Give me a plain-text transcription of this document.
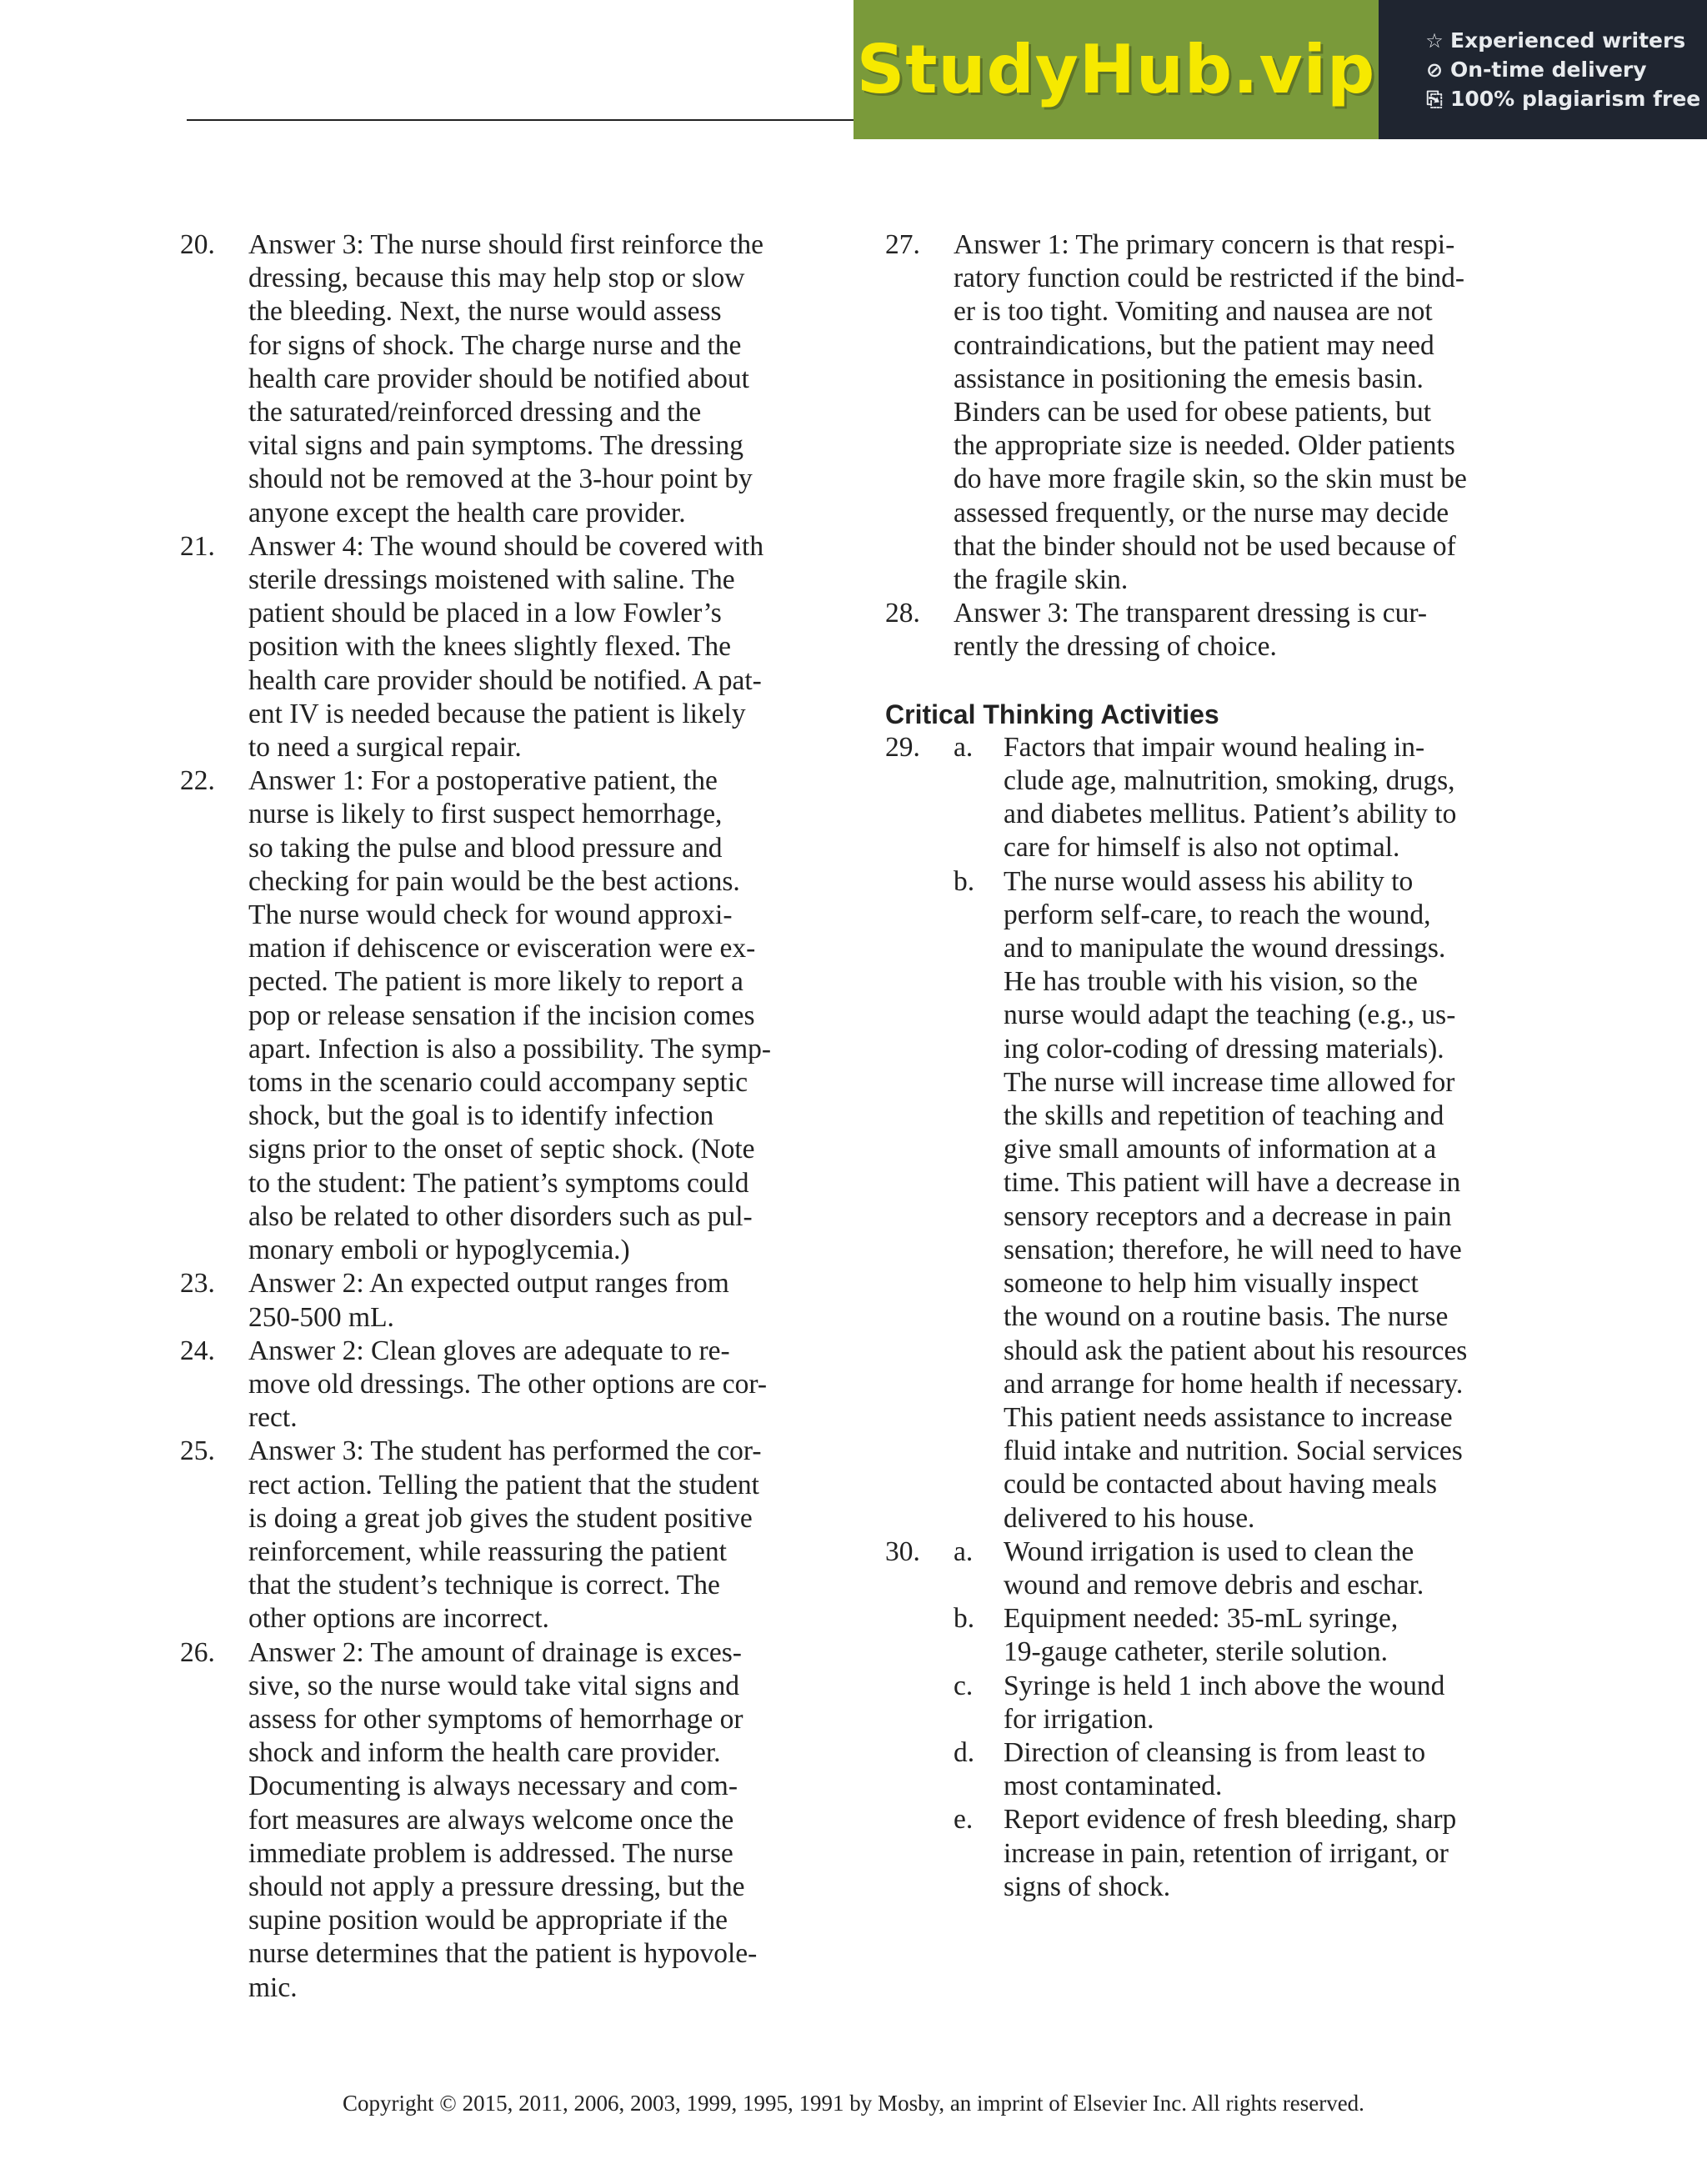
StudyHub.vip ☆ Experienced writers
⊘ On-time delivery
⎘ 100% plagiarism free
20.	Answer 3: The nurse should first reinforce the
dressing, because this may help stop or slow
the bleeding. Next, the nurse would assess
for signs of shock. The charge nurse and the
health care provider should be notified about
the saturated/reinforced dressing and the
vital signs and pain symptoms. The dressing
should not be removed at the 3-hour point by
anyone except the health care provider.
21.	Answer 4: The wound should be covered with
sterile dressings moistened with saline. The
patient should be placed in a low Fowler’s
position with the knees slightly flexed. The
health care provider should be notified. A pat-
ent IV is needed because the patient is likely
to need a surgical repair.
22.	Answer 1: For a postoperative patient, the
nurse is likely to first suspect hemorrhage,
so taking the pulse and blood pressure and
checking for pain would be the best actions.
The nurse would check for wound approxi-
mation if dehiscence or evisceration were ex-
pected. The patient is more likely to report a
pop or release sensation if the incision comes
apart. Infection is also a possibility. The symp-
toms in the scenario could accompany septic
shock, but the goal is to identify infection
signs prior to the onset of septic shock. (Note
to the student: The patient’s symptoms could
also be related to other disorders such as pul-
monary emboli or hypoglycemia.)
23.	Answer 2: An expected output ranges from
250-500 mL.
24.	Answer 2: Clean gloves are adequate to re-
move old dressings. The other options are cor-
rect.
25.	Answer 3: The student has performed the cor-
rect action. Telling the patient that the student
is doing a great job gives the student positive
reinforcement, while reassuring the patient
that the student’s technique is correct. The
other options are incorrect.
26.	Answer 2: The amount of drainage is exces-
sive, so the nurse would take vital signs and
assess for other symptoms of hemorrhage or
shock and inform the health care provider.
Documenting is always necessary and com-
fort measures are always welcome once the
immediate problem is addressed. The nurse
should not apply a pressure dressing, but the
supine position would be appropriate if the
nurse determines that the patient is hypovole-
mic.
27.	Answer 1: The primary concern is that respi-
ratory function could be restricted if the bind-
er is too tight. Vomiting and nausea are not
contraindications, but the patient may need
assistance in positioning the emesis basin.
Binders can be used for obese patients, but
the appropriate size is needed. Older patients
do have more fragile skin, so the skin must be
assessed frequently, or the nurse may decide
that the binder should not be used because of
the fragile skin.
28.	Answer 3: The transparent dressing is cur-
rently the dressing of choice.
Critical Thinking Activities
29.	a.	Factors that impair wound healing in-
clude age, malnutrition, smoking, drugs,
and diabetes mellitus. Patient’s ability to
care for himself is also not optimal.
b.	The nurse would assess his ability to
perform self-care, to reach the wound,
and to manipulate the wound dressings.
He has trouble with his vision, so the
nurse would adapt the teaching (e.g., us-
ing color-coding of dressing materials).
The nurse will increase time allowed for
the skills and repetition of teaching and
give small amounts of information at a
time. This patient will have a decrease in
sensory receptors and a decrease in pain
sensation; therefore, he will need to have
someone to help him visually inspect
the wound on a routine basis. The nurse
should ask the patient about his resources
and arrange for home health if necessary.
This patient needs assistance to increase
fluid intake and nutrition. Social services
could be contacted about having meals
delivered to his house.
30.	a.	Wound irrigation is used to clean the
wound and remove debris and eschar.
b.	Equipment needed: 35-mL syringe,
19-gauge catheter, sterile solution.
c.	Syringe is held 1 inch above the wound
for irrigation.
d.	Direction of cleansing is from least to
most contaminated.
e.	Report evidence of fresh bleeding, sharp
increase in pain, retention of irrigant, or
signs of shock.
Copyright © 2015, 2011, 2006, 2003, 1999, 1995, 1991 by Mosby, an imprint of Elsevier Inc. All rights reserved.
